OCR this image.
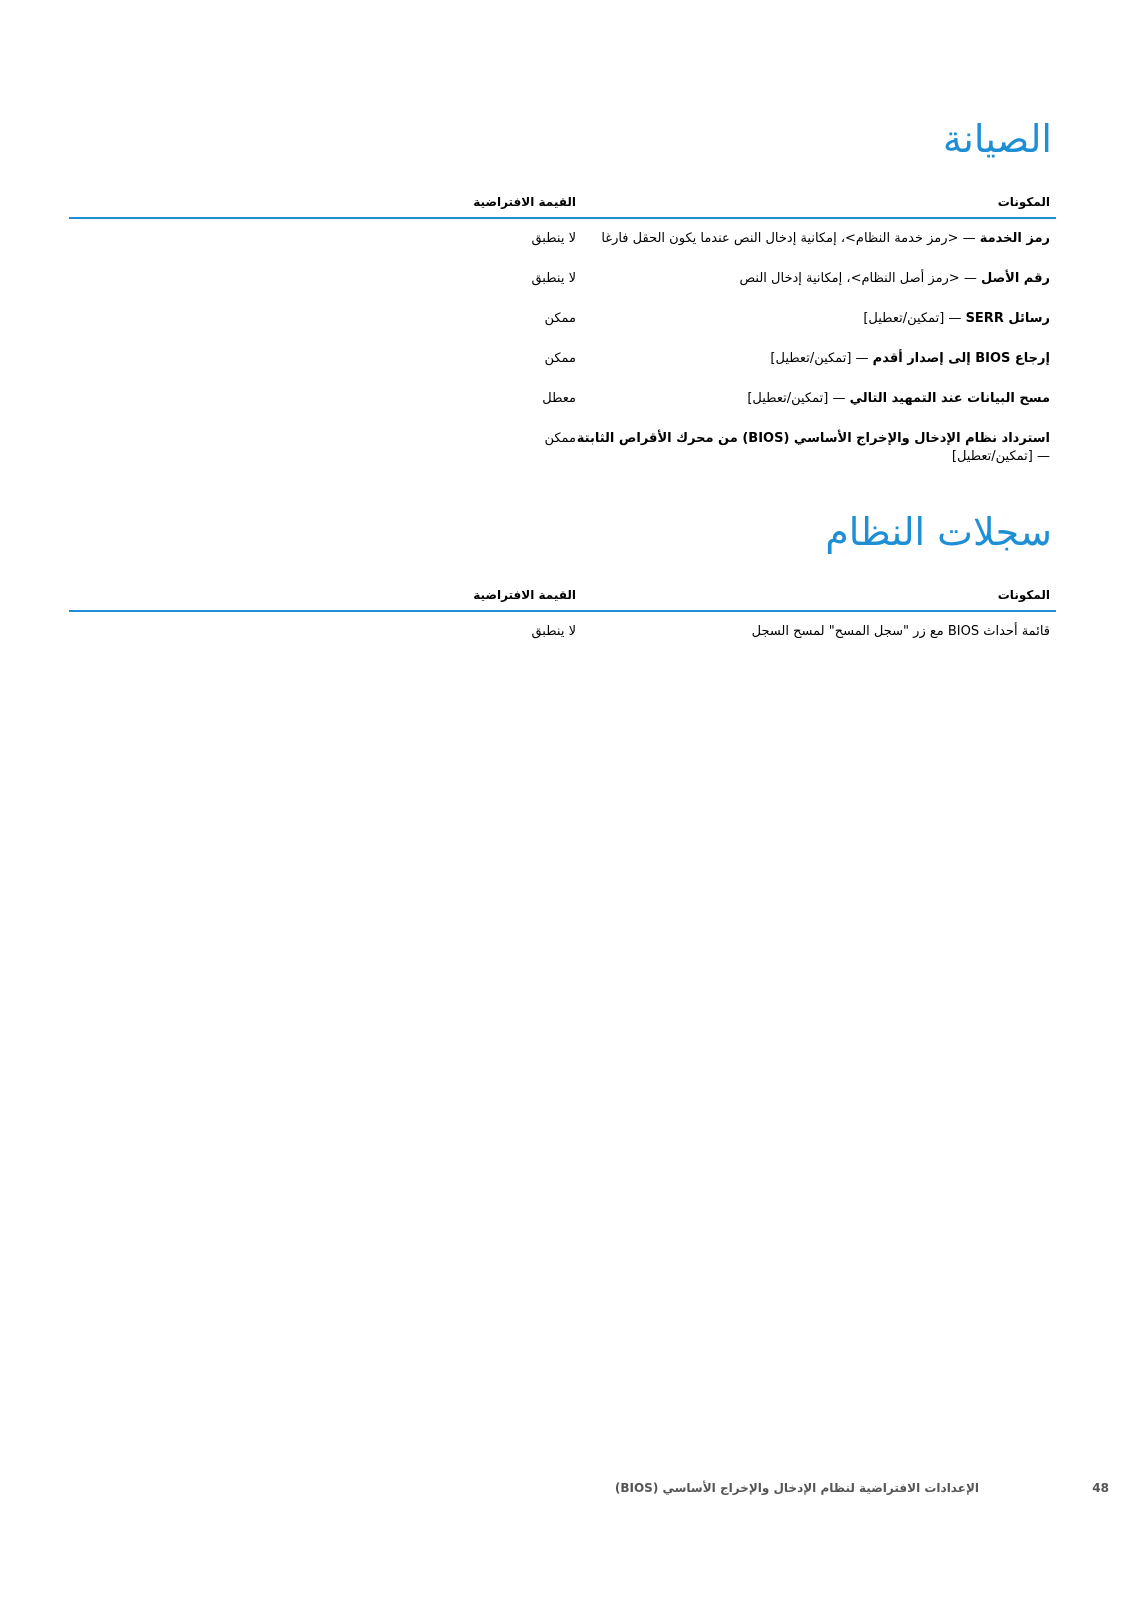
الصيانة
المكونات
القيمة الافتراضية
رمز الخدمة — <رمز خدمة النظام>، إمكانية إدخال النص عندما يكون الحقل فارغا
لا ينطبق
رقم الأصل — <رمز أصل النظام>، إمكانية إدخال النص
لا ينطبق
رسائل SERR — [تمكين/تعطيل]
ممكن
إرجاع BIOS إلى إصدار أقدم — [تمكين/تعطيل]
ممكن
مسح البيانات عند التمهيد التالي — [تمكين/تعطيل]
معطل
استرداد نظام الإدخال والإخراج الأساسي (BIOS) من محرك الأقراص الثابتة — [تمكين/تعطيل]
ممكن
سجلات النظام
المكونات
القيمة الافتراضية
قائمة أحداث BIOS مع زر "سجل المسح" لمسح السجل
لا ينطبق
الإعدادات الافتراضية لنظام الإدخال والإخراج الأساسي (BIOS)	48
